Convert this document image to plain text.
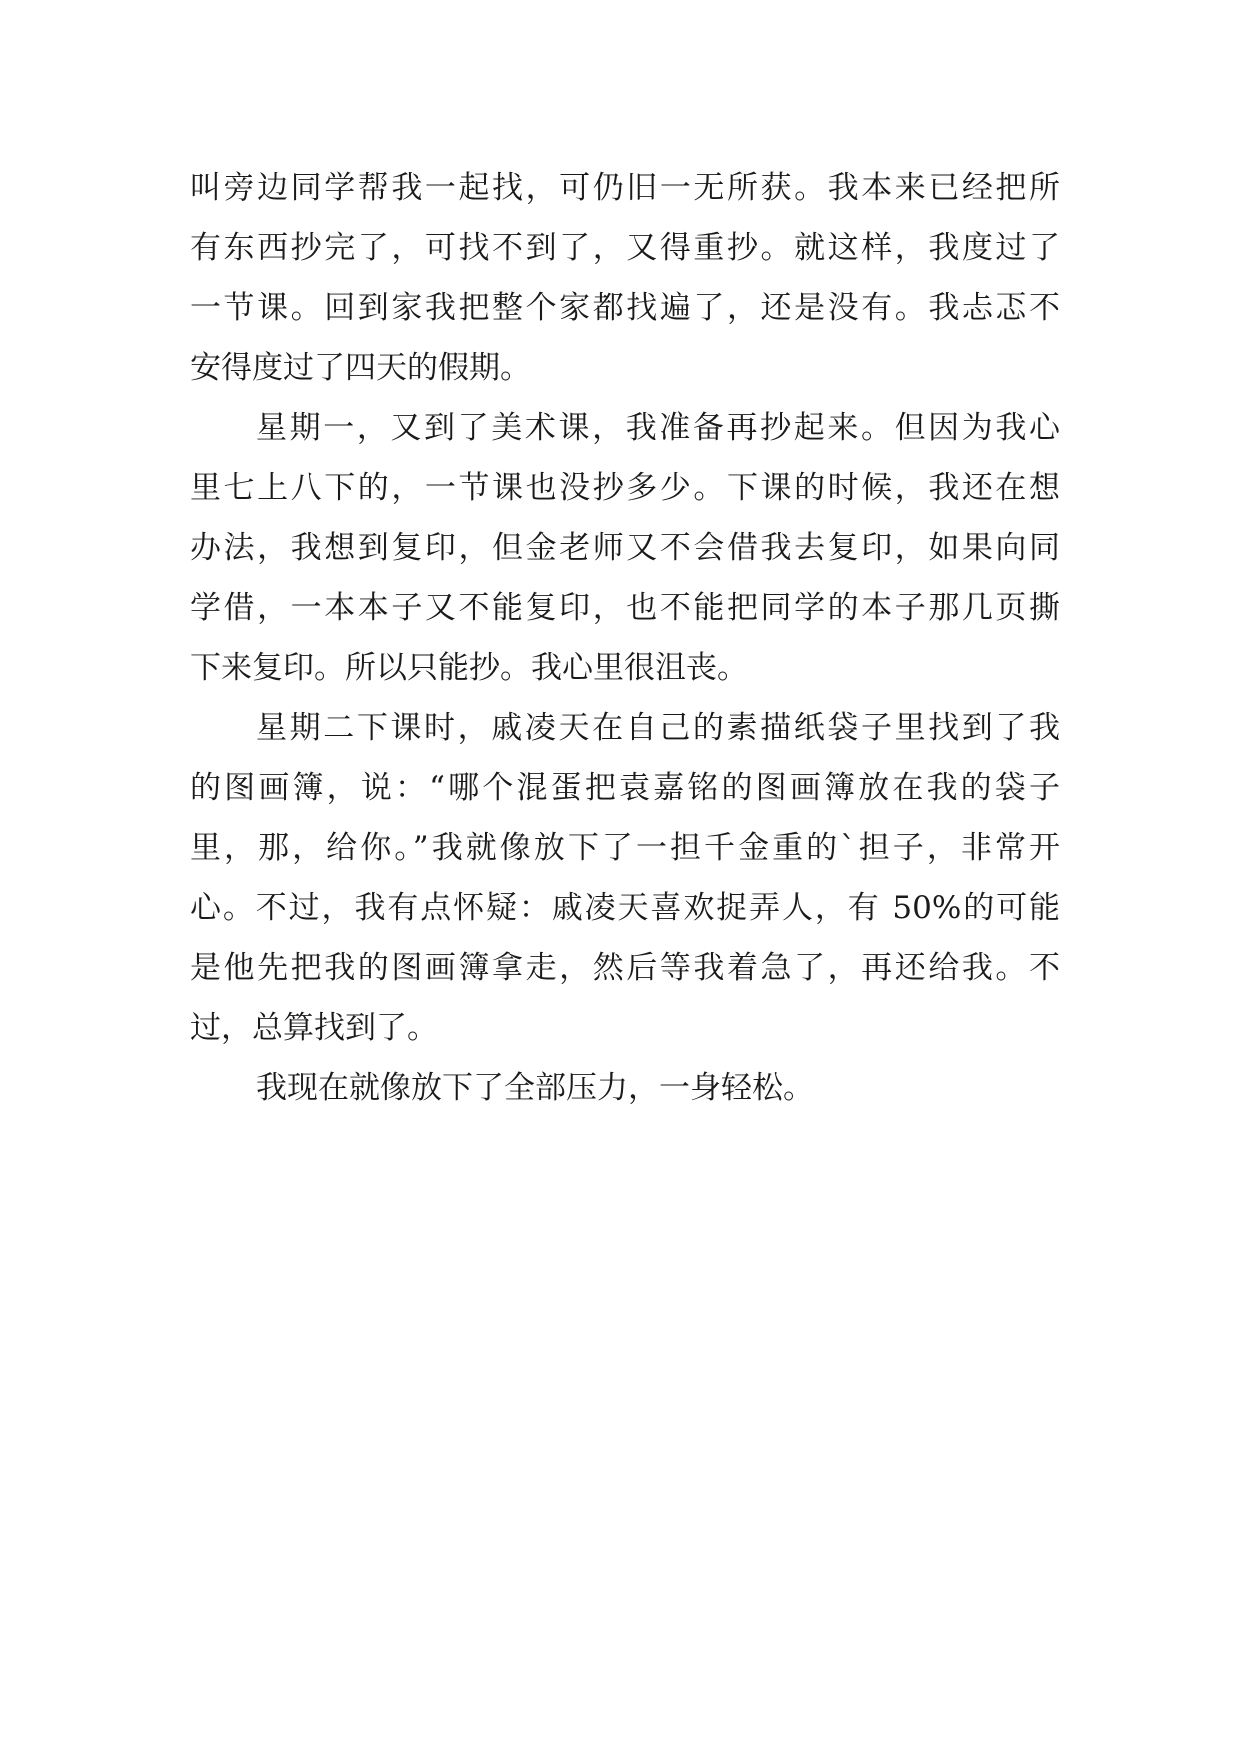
叫旁边同学帮我一起找，可仍旧一无所获。我本来已经把所
有东西抄完了，可找不到了，又得重抄。就这样，我度过了
一节课。回到家我把整个家都找遍了，还是没有。我忐忑不
安得度过了四天的假期。
星期一，又到了美术课，我准备再抄起来。但因为我心
里七上八下的，一节课也没抄多少。下课的时候，我还在想
办法，我想到复印，但金老师又不会借我去复印，如果向同
学借，一本本子又不能复印，也不能把同学的本子那几页撕
下来复印。所以只能抄。我心里很沮丧。
星期二下课时，戚凌天在自己的素描纸袋子里找到了我
的图画簿，说：“哪个混蛋把袁嘉铭的图画簿放在我的袋子
里，那，给你。”我就像放下了一担千金重的`担子，非常开
心。不过，我有点怀疑：戚凌天喜欢捉弄人，有 50%的可能
是他先把我的图画簿拿走，然后等我着急了，再还给我。不
过，总算找到了。
我现在就像放下了全部压力，一身轻松。
